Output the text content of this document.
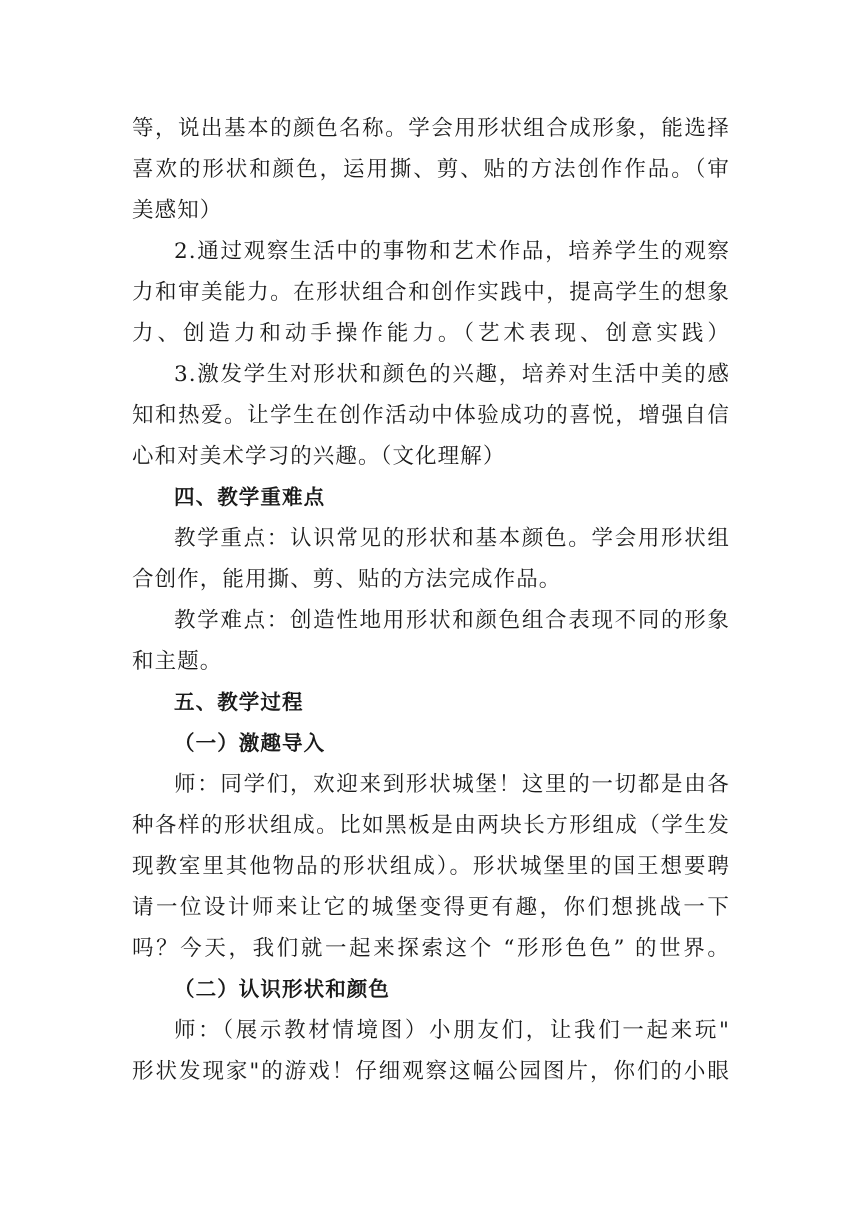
等，说出基本的颜色名称。学会用形状组合成形象，能选择
喜欢的形状和颜色，运用撕、剪、贴的方法创作作品。（审
美感知）
2.通过观察生活中的事物和艺术作品，培养学生的观察
力和审美能力。在形状组合和创作实践中，提高学生的想象
力、创造力和动手操作能力。（艺术表现、创意实践）
3.激发学生对形状和颜色的兴趣，培养对生活中美的感
知和热爱。让学生在创作活动中体验成功的喜悦，增强自信
心和对美术学习的兴趣。（文化理解）
四、教学重难点
教学重点：认识常见的形状和基本颜色。学会用形状组
合创作，能用撕、剪、贴的方法完成作品。
教学难点：创造性地用形状和颜色组合表现不同的形象
和主题。
五、教学过程
（一）激趣导入
师：同学们，欢迎来到形状城堡！这里的一切都是由各
种各样的形状组成。比如黑板是由两块长方形组成（学生发
现教室里其他物品的形状组成）。形状城堡里的国王想要聘
请一位设计师来让它的城堡变得更有趣，你们想挑战一下
吗？今天，我们就一起来探索这个 “形形色色” 的世界。
（二）认识形状和颜色
师：（展示教材情境图）小朋友们，让我们一起来玩"
形状发现家"的游戏！仔细观察这幅公园图片，你们的小眼
